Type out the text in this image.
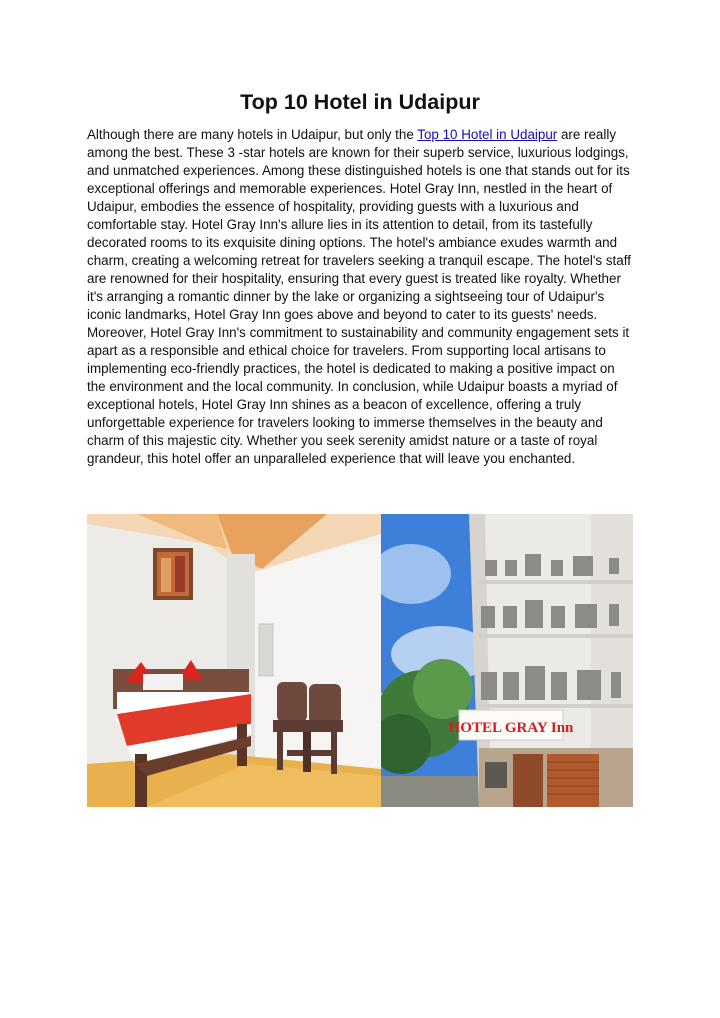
Top 10 Hotel in Udaipur

Although there are many hotels in Udaipur, but only the Top 10 Hotel in Udaipur are really among the best. These 3 -star hotels are known for their superb service, luxurious lodgings, and unmatched experiences. Among these distinguished hotels is one that stands out for its exceptional offerings and memorable experiences. Hotel Gray Inn, nestled in the heart of Udaipur, embodies the essence of hospitality, providing guests with a luxurious and comfortable stay. Hotel Gray Inn's allure lies in its attention to detail, from its tastefully decorated rooms to its exquisite dining options. The hotel's ambiance exudes warmth and charm, creating a welcoming retreat for travelers seeking a tranquil escape. The hotel's staff are renowned for their hospitality, ensuring that every guest is treated like royalty. Whether it's arranging a romantic dinner by the lake or organizing a sightseeing tour of Udaipur's iconic landmarks, Hotel Gray Inn goes above and beyond to cater to its guests' needs. Moreover, Hotel Gray Inn's commitment to sustainability and community engagement sets it apart as a responsible and ethical choice for travelers. From supporting local artisans to implementing eco-friendly practices, the hotel is dedicated to making a positive impact on the environment and the local community. In conclusion, while Udaipur boasts a myriad of exceptional hotels, Hotel Gray Inn shines as a beacon of excellence, offering a truly unforgettable experience for travelers looking to immerse themselves in the beauty and charm of this majestic city. Whether you seek serenity amidst nature or a taste of royal grandeur, this hotel offer an unparalleled experience that will leave you enchanted.

HOTEL GRAY Inn
